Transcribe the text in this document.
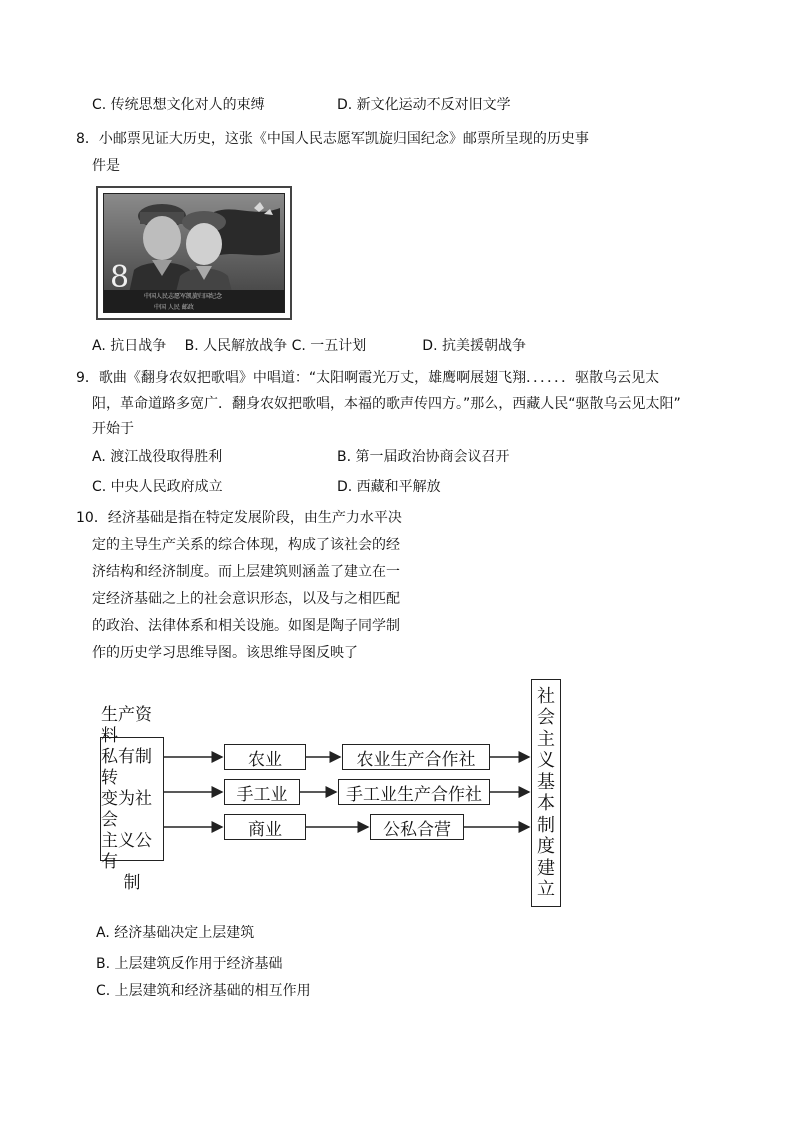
C. 传统思想文化对人的束缚	D. 新文化运动不反对旧文学
8．小邮票见证大历史，这张《中国人民志愿军凯旋归国纪念》邮票所呈现的历史事
件是
8
中国人民志愿军凯旋归国纪念
中国 人民 邮政
A. 抗日战争　 B. 人民解放战争 C. 一五计划　　　　D. 抗美援朝战争
9．歌曲《翻身农奴把歌唱》中唱道：“太阳啊霞光万丈，雄鹰啊展翅飞翔．．．．．．驱散乌云见太
阳，革命道路多宽广．翻身农奴把歌唱，本福的歌声传四方。”那么，西藏人民“驱散乌云见太阳”
开始于
A. 渡江战役取得胜利	B. 第一届政治协商会议召开
C. 中央人民政府成立	D. 西藏和平解放
10．经济基础是指在特定发展阶段，由生产力水平决
定的主导生产关系的综合体现，构成了该社会的经
济结构和经济制度。而上层建筑则涵盖了建立在一
定经济基础之上的社会意识形态，以及与之相匹配
的政治、法律体系和相关设施。如图是陶子同学制
作的历史学习思维导图。该思维导图反映了
生产资料
私有制转
变为社会
主义公有
制
农业
手工业
商业
农业生产合作社
手工业生产合作社
公私合营
社
会
主
义
基
本
制
度
建
立
A. 经济基础决定上层建筑
B. 上层建筑反作用于经济基础
C. 上层建筑和经济基础的相互作用
